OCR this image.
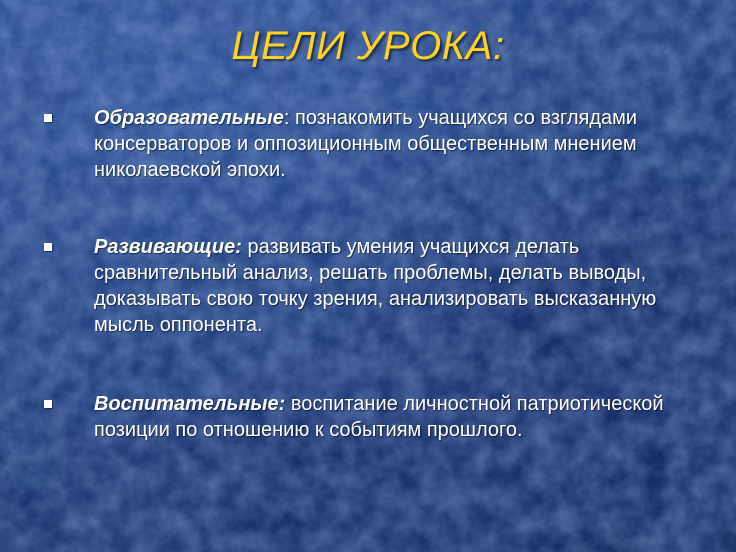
ЦЕЛИ УРОКА:
Образовательные: познакомить учащихся со взглядами консерваторов и оппозиционным общественным мнением николаевской эпохи.
Развивающие: развивать умения учащихся делать сравнительный анализ, решать проблемы, делать выводы, доказывать свою точку зрения, анализировать высказанную мысль оппонента.
Воспитательные: воспитание личностной патриотической позиции по отношению к событиям прошлого.
